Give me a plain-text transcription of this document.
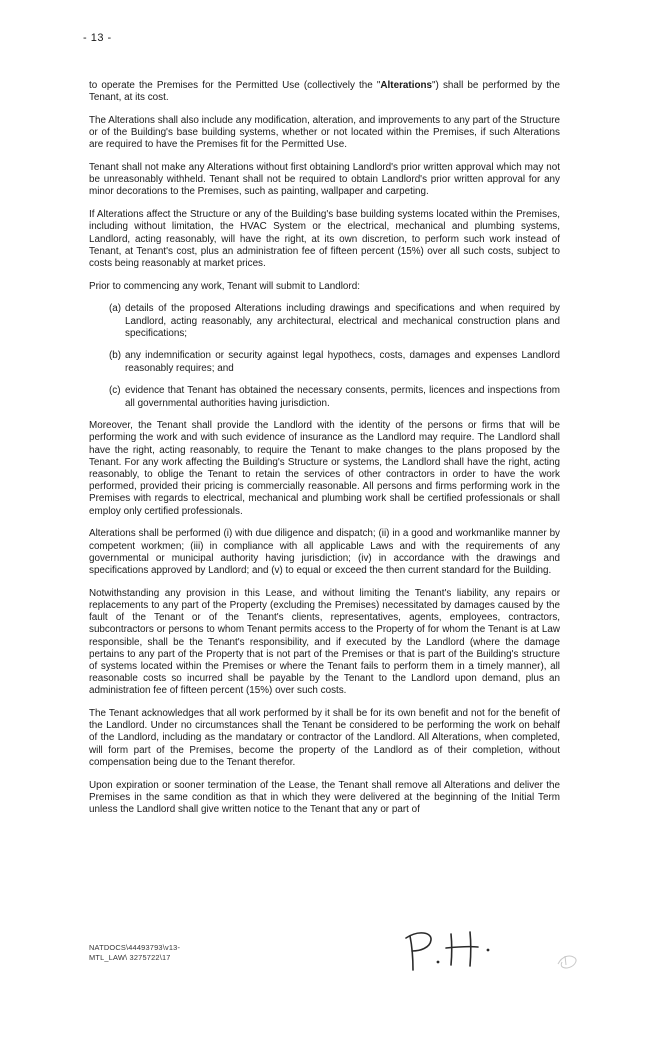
- 13 -

to operate the Premises for the Permitted Use (collectively the "Alterations") shall be performed by the Tenant, at its cost.

The Alterations shall also include any modification, alteration, and improvements to any part of the Structure or of the Building's base building systems, whether or not located within the Premises, if such Alterations are required to have the Premises fit for the Permitted Use.

Tenant shall not make any Alterations without first obtaining Landlord's prior written approval which may not be unreasonably withheld. Tenant shall not be required to obtain Landlord's prior written approval for any minor decorations to the Premises, such as painting, wallpaper and carpeting.

If Alterations affect the Structure or any of the Building's base building systems located within the Premises, including without limitation, the HVAC System or the electrical, mechanical and plumbing systems, Landlord, acting reasonably, will have the right, at its own discretion, to perform such work instead of Tenant, at Tenant's cost, plus an administration fee of fifteen percent (15%) over all such costs, subject to costs being reasonably at market prices.

Prior to commencing any work, Tenant will submit to Landlord:

(a) details of the proposed Alterations including drawings and specifications and when required by Landlord, acting reasonably, any architectural, electrical and mechanical construction plans and specifications;
(b) any indemnification or security against legal hypothecs, costs, damages and expenses Landlord reasonably requires; and
(c) evidence that Tenant has obtained the necessary consents, permits, licences and inspections from all governmental authorities having jurisdiction.

Moreover, the Tenant shall provide the Landlord with the identity of the persons or firms that will be performing the work and with such evidence of insurance as the Landlord may require. The Landlord shall have the right, acting reasonably, to require the Tenant to make changes to the plans proposed by the Tenant. For any work affecting the Building's Structure or systems, the Landlord shall have the right, acting reasonably, to oblige the Tenant to retain the services of other contractors in order to have the work performed, provided their pricing is commercially reasonable. All persons and firms performing work in the Premises with regards to electrical, mechanical and plumbing work shall be certified professionals or shall employ only certified professionals.

Alterations shall be performed (i) with due diligence and dispatch; (ii) in a good and workmanlike manner by competent workmen; (iii) in compliance with all applicable Laws and with the requirements of any governmental or municipal authority having jurisdiction; (iv) in accordance with the drawings and specifications approved by Landlord; and (v) to equal or exceed the then current standard for the Building.

Notwithstanding any provision in this Lease, and without limiting the Tenant's liability, any repairs or replacements to any part of the Property (excluding the Premises) necessitated by damages caused by the fault of the Tenant or of the Tenant's clients, representatives, agents, employees, contractors, subcontractors or persons to whom Tenant permits access to the Property of for whom the Tenant is at Law responsible, shall be the Tenant's responsibility, and if executed by the Landlord (where the damage pertains to any part of the Property that is not part of the Premises or that is part of the Building's structure of systems located within the Premises or where the Tenant fails to perform them in a timely manner), all reasonable costs so incurred shall be payable by the Tenant to the Landlord upon demand, plus an administration fee of fifteen percent (15%) over such costs.

The Tenant acknowledges that all work performed by it shall be for its own benefit and not for the benefit of the Landlord. Under no circumstances shall the Tenant be considered to be performing the work on behalf of the Landlord, including as the mandatary or contractor of the Landlord. All Alterations, when completed, will form part of the Premises, become the property of the Landlord as of their completion, without compensation being due to the Tenant therefor.

Upon expiration or sooner termination of the Lease, the Tenant shall remove all Alterations and deliver the Premises in the same condition as that in which they were delivered at the beginning of the Initial Term unless the Landlord shall give written notice to the Tenant that any or part of

NATDOCS\44493793\v13-
MTL_LAW\ 3275722\17
